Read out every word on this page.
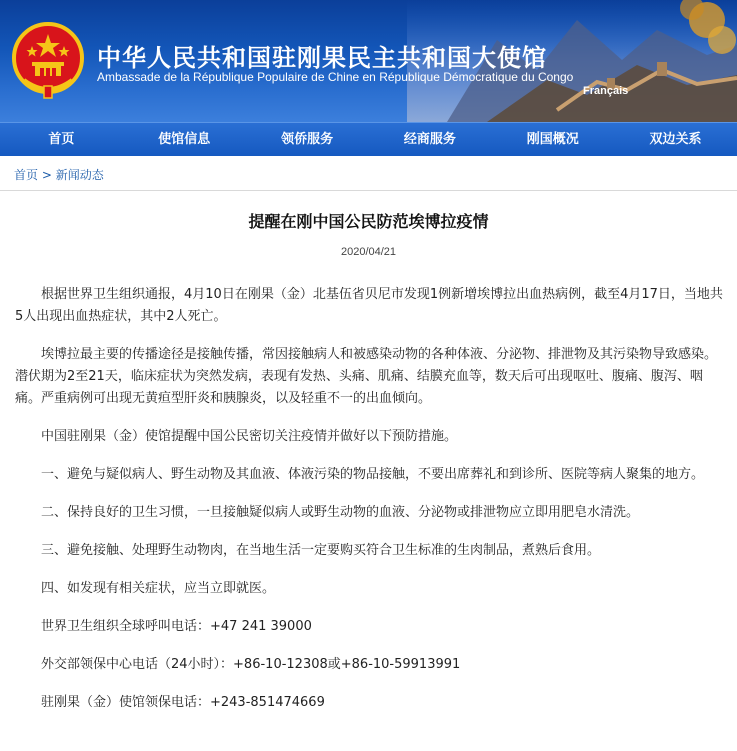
中华人民共和国驻刚果民主共和国大使馆
Ambassade de la République Populaire de Chine en République Démocratique du Congo
Français
首页	使馆信息	领侨服务	经商服务	刚国概况	双边关系
首页 > 新闻动态
提醒在刚中国公民防范埃博拉疫情
2020/04/21

根据世界卫生组织通报，4月10日在刚果（金）北基伍省贝尼市发现1例新增埃博拉出血热病例，截至4月17日，当地共5人出现出血热症状，其中2人死亡。

埃博拉最主要的传播途径是接触传播，常因接触病人和被感染动物的各种体液、分泌物、排泄物及其污染物导致感染。潜伏期为2至21天，临床症状为突然发病，表现有发热、头痛、肌痛、结膜充血等，数天后可出现呕吐、腹痛、腹泻、咽痛。严重病例可出现无黄疸型肝炎和胰腺炎，以及轻重不一的出血倾向。

中国驻刚果（金）使馆提醒中国公民密切关注疫情并做好以下预防措施。

一、避免与疑似病人、野生动物及其血液、体液污染的物品接触，不要出席葬礼和到诊所、医院等病人聚集的地方。

二、保持良好的卫生习惯，一旦接触疑似病人或野生动物的血液、分泌物或排泄物应立即用肥皂水清洗。

三、避免接触、处理野生动物肉，在当地生活一定要购买符合卫生标准的生肉制品，煮熟后食用。

四、如发现有相关症状，应当立即就医。

世界卫生组织全球呼叫电话：+47 241 39000

外交部领保中心电话（24小时）：+86-10-12308或+86-10-59913991

驻刚果（金）使馆领保电话：+243-851474669
